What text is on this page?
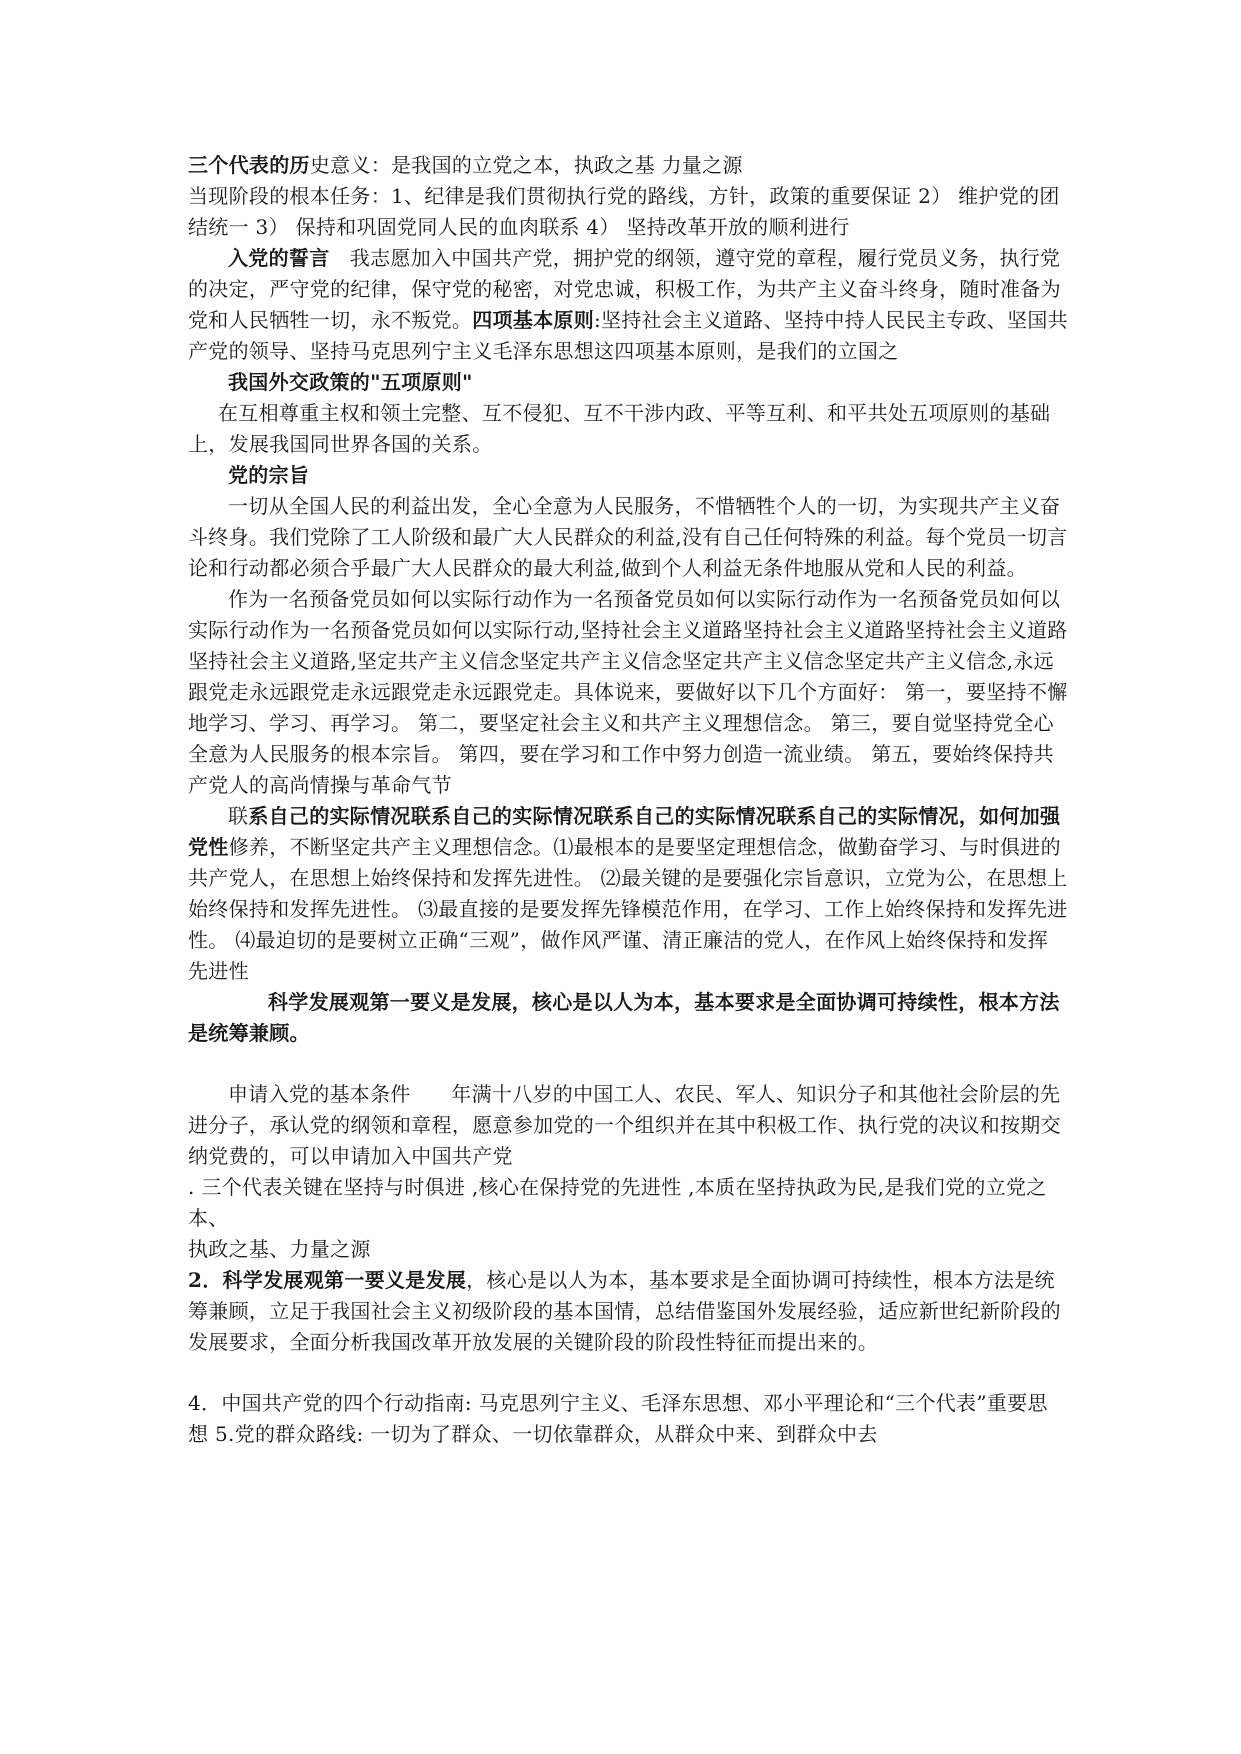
三个代表的历史意义：是我国的立党之本，执政之基 力量之源

当现阶段的根本任务：1、纪律是我们贯彻执行党的路线，方针，政策的重要保证 2） 维护党的团结统一 3） 保持和巩固党同人民的血肉联系 4） 坚持改革开放的顺利进行

入党的誓言　我志愿加入中国共产党，拥护党的纲领，遵守党的章程，履行党员义务，执行党的决定，严守党的纪律，保守党的秘密，对党忠诚，积极工作，为共产主义奋斗终身，随时准备为党和人民牺牲一切，永不叛党。四项基本原则:坚持社会主义道路、坚持中持人民民主专政、坚国共产党的领导、坚持马克思列宁主义毛泽东思想这四项基本原则，是我们的立国之

我国外交政策的"五项原则"

在互相尊重主权和领土完整、互不侵犯、互不干涉内政、平等互利、和平共处五项原则的基础上，发展我国同世界各国的关系。

党的宗旨

一切从全国人民的利益出发，全心全意为人民服务，不惜牺牲个人的一切，为实现共产主义奋斗终身。我们党除了工人阶级和最广大人民群众的利益,没有自己任何特殊的利益。每个党员一切言论和行动都必须合乎最广大人民群众的最大利益,做到个人利益无条件地服从党和人民的利益。

作为一名预备党员如何以实际行动作为一名预备党员如何以实际行动作为一名预备党员如何以实际行动作为一名预备党员如何以实际行动,坚持社会主义道路坚持社会主义道路坚持社会主义道路坚持社会主义道路,坚定共产主义信念坚定共产主义信念坚定共产主义信念坚定共产主义信念,永远跟党走永远跟党走永远跟党走永远跟党走。具体说来，要做好以下几个方面好： 第一，要坚持不懈地学习、学习、再学习。 第二，要坚定社会主义和共产主义理想信念。 第三，要自觉坚持党全心全意为人民服务的根本宗旨。 第四，要在学习和工作中努力创造一流业绩。 第五，要始终保持共产党人的高尚情操与革命气节

联系自己的实际情况联系自己的实际情况联系自己的实际情况联系自己的实际情况，如何加强党性修养，不断坚定共产主义理想信念。⑴最根本的是要坚定理想信念，做勤奋学习、与时俱进的共产党人，在思想上始终保持和发挥先进性。 ⑵最关键的是要强化宗旨意识，立党为公，在思想上始终保持和发挥先进性。 ⑶最直接的是要发挥先锋模范作用，在学习、工作上始终保持和发挥先进性。 ⑷最迫切的是要树立正确“三观”，做作风严谨、清正廉洁的党人，在作风上始终保持和发挥先进性

科学发展观第一要义是发展，核心是以人为本，基本要求是全面协调可持续性，根本方法是统筹兼顾。

申请入党的基本条件　　年满十八岁的中国工人、农民、军人、知识分子和其他社会阶层的先进分子，承认党的纲领和章程，愿意参加党的一个组织并在其中积极工作、执行党的决议和按期交纳党费的，可以申请加入中国共产党

. 三个代表关键在坚持与时俱进 ,核心在保持党的先进性 ,本质在坚持执政为民,是我们党的立党之本、

执政之基、力量之源

2．科学发展观第一要义是发展，核心是以人为本，基本要求是全面协调可持续性，根本方法是统筹兼顾，立足于我国社会主义初级阶段的基本国情，总结借鉴国外发展经验，适应新世纪新阶段的发展要求，全面分析我国改革开放发展的关键阶段的阶段性特征而提出来的。

4．中国共产党的四个行动指南: 马克思列宁主义、毛泽东思想、邓小平理论和“三个代表”重要思想 5.党的群众路线: 一切为了群众、一切依靠群众，从群众中来、到群众中去
